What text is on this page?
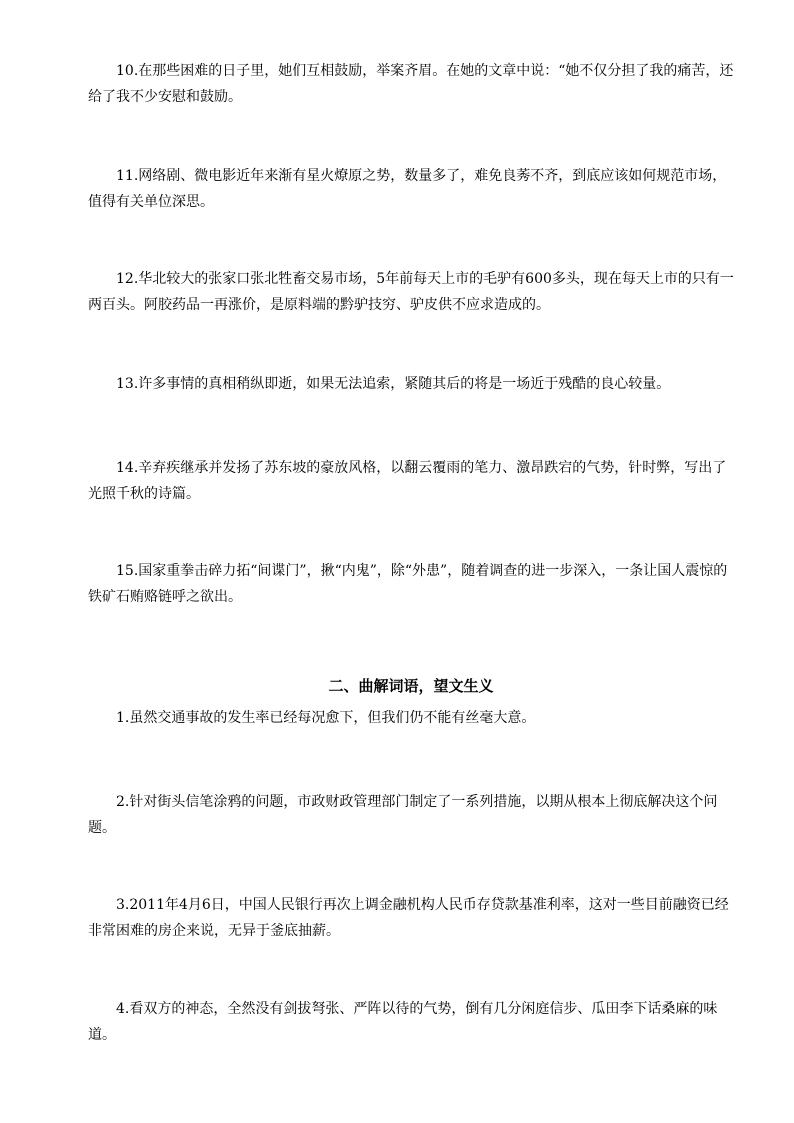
10.在那些困难的日子里，她们互相鼓励，举案齐眉。在她的文章中说：“她不仅分担了我的痛苦，还给了我不少安慰和鼓励。

11.网络剧、微电影近年来渐有星火燎原之势，数量多了，难免良莠不齐，到底应该如何规范市场，值得有关单位深思。

12.华北较大的张家口张北牲畜交易市场，5年前每天上市的毛驴有600多头，现在每天上市的只有一两百头。阿胶药品一再涨价，是原料端的黔驴技穷、驴皮供不应求造成的。

13.许多事情的真相稍纵即逝，如果无法追索，紧随其后的将是一场近于残酷的良心较量。

14.辛弃疾继承并发扬了苏东坡的豪放风格，以翻云覆雨的笔力、激昂跌宕的气势，针时弊，写出了光照千秋的诗篇。

15.国家重拳击碎力拓“间谍门”，揪“内鬼”，除“外患”，随着调查的进一步深入，一条让国人震惊的铁矿石贿赂链呼之欲出。

二、曲解词语，望文生义

1.虽然交通事故的发生率已经每况愈下，但我们仍不能有丝毫大意。

2.针对街头信笔涂鸦的问题，市政财政管理部门制定了一系列措施，以期从根本上彻底解决这个问题。

3.2011年4月6日，中国人民银行再次上调金融机构人民币存贷款基准利率，这对一些目前融资已经非常困难的房企来说，无异于釜底抽薪。

4.看双方的神态，全然没有剑拔弩张、严阵以待的气势，倒有几分闲庭信步、瓜田李下话桑麻的味道。
